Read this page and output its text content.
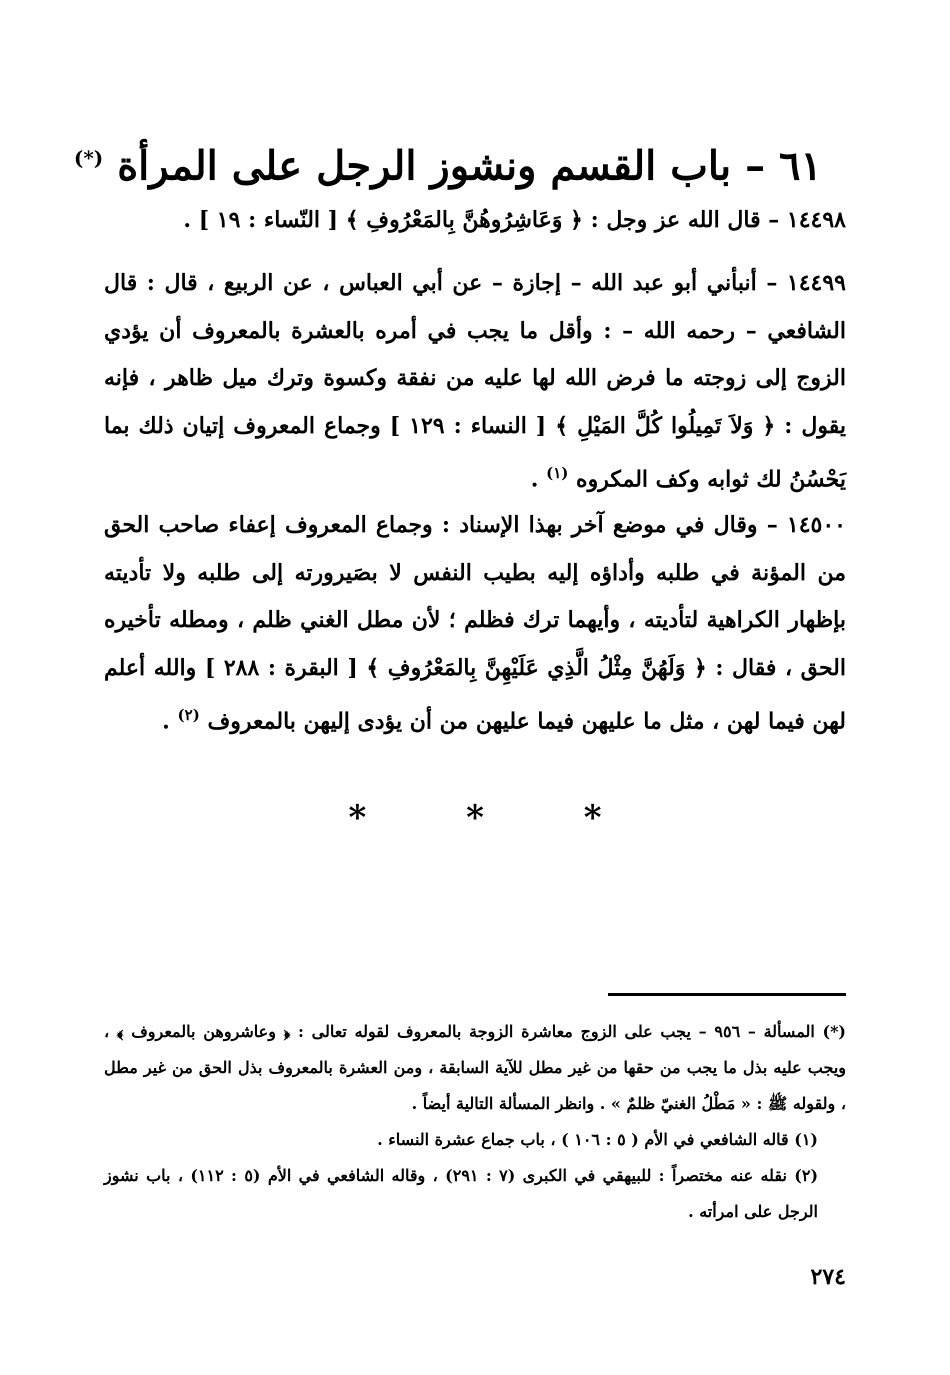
٦١ – باب القسم ونشوز الرجل على المرأة (*)
١٤٤٩٨ – قال الله عز وجل : ﴿ وَعَاشِرُوهُنَّ بِالمَعْرُوفِ ﴾ [ النّساء : ١٩ ] .
١٤٤٩٩ – أنبأني أبو عبد الله – إجازة – عن أبي العباس ، عن الربيع ، قال : قال الشافعي – رحمه الله – : وأقل ما يجب في أمره بالعشرة بالمعروف أن يؤدي الزوج إلى زوجته ما فرض الله لها عليه من نفقة وكسوة وترك ميل ظاهر ، فإنه يقول : ﴿ وَلاَ تَمِيلُوا كُلَّ المَيْلِ ﴾ [ النساء : ١٢٩ ] وجماع المعروف إتيان ذلك بما يَحْسُنُ لك ثوابه وكف المكروه $^{(١)}$ .
١٤٥٠٠ – وقال في موضع آخر بهذا الإسناد : وجماع المعروف إعفاء صاحب الحق من المؤنة في طلبه وأداؤه إليه بطيب النفس لا بصَيرورته إلى طلبه ولا تأديته بإظهار الكراهية لتأديته ، وأيهما ترك فظلم ؛ لأن مطل الغني ظلم ، ومطله تأخيره الحق ، فقال : ﴿ وَلَهُنَّ مِثْلُ الَّذِي عَلَيْهِنَّ بِالمَعْرُوفِ ﴾ [ البقرة : ٢٨٨ ] والله أعلم لهن فيما لهن ، مثل ما عليهن فيما عليهن من أن يؤدى إليهن بالمعروف $^{(٢)}$ .
* * *

(*) المسألة – ٩٥٦ – يجب على الزوج معاشرة الزوجة بالمعروف لقوله تعالى : ﴿ وعاشروهن بالمعروف ﴾ ، ويجب عليه بذل ما يجب من حقها من غير مطل للآية السابقة ، ومن العشرة بالمعروف بذل الحق من غير مطل ، ولقوله ﷺ : « مَطْلُ الغنيّ ظلمٌ » . وانظر المسألة التالية أيضاً .

(١) قاله الشافعي في الأم ( ٥ : ١٠٦ ) ، باب جماع عشرة النساء .

(٢) نقله عنه مختصراً : للبيهقي في الكبرى (٧ : ٢٩١) ، وقاله الشافعي في الأم (٥ : ١١٢) ، باب نشوز الرجل على امرأته .

٢٧٤
